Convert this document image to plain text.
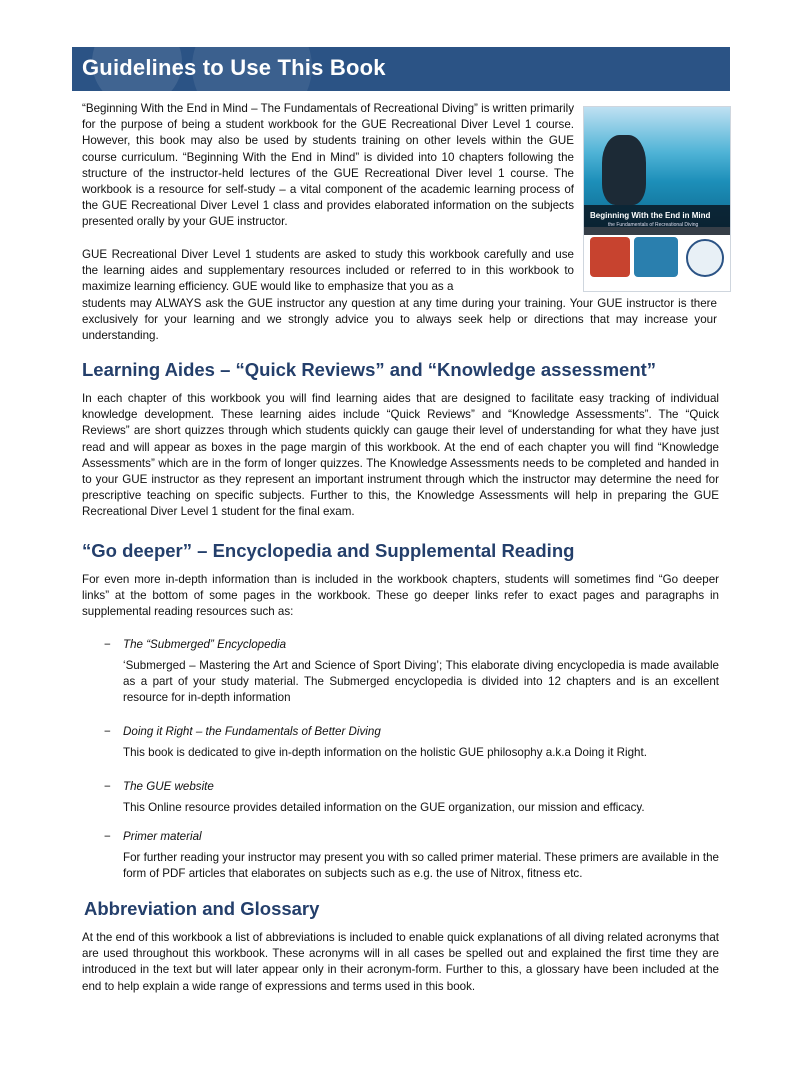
Guidelines to Use This Book
Beginning With the End in Mind
the Fundamentals of Recreational Diving

“Beginning With the End in Mind – The Fundamentals of Recreational Diving” is written primarily for the purpose of being a student workbook for the GUE Recreational Diver Level 1 course. However, this book may also be used by students training on other levels within the GUE course curriculum. “Beginning With the End in Mind” is divided into 10 chapters following the structure of the instructor-held lectures of the GUE Recreational Diver level 1 course. The workbook is a resource for self-study – a vital component of the academic learning process of the GUE Recreational Diver Level 1 class and provides elaborated information on the subjects presented orally by your GUE instructor.

GUE Recreational Diver Level 1 students are asked to study this workbook carefully and use the learning aides and supplementary resources included or referred to in this workbook to maximize learning efficiency. GUE would like to emphasize that you as a

students may ALWAYS ask the GUE instructor any question at any time during your training. Your GUE instructor is there exclusively for your learning and we strongly advice you to always seek help or directions that may increase your understanding.

Learning Aides – “Quick Reviews” and “Knowledge assessment”

In each chapter of this workbook you will find learning aides that are designed to facilitate easy tracking of individual knowledge development. These learning aides include “Quick Reviews” and “Knowledge Assessments”. The “Quick Reviews” are short quizzes through which students quickly can gauge their level of understanding for what they have just read and will appear as boxes in the page margin of this workbook. At the end of each chapter you will find “Knowledge Assessments” which are in the form of longer quizzes. The Knowledge Assessments needs to be completed and handed in to your GUE instructor as they represent an important instrument through which the instructor may determine the need for prescriptive teaching on specific subjects. Further to this, the Knowledge Assessments will help in preparing the GUE Recreational Diver Level 1 student for the final exam.

“Go deeper” – Encyclopedia and Supplemental Reading

For even more in-depth information than is included in the workbook chapters, students will sometimes find “Go deeper links” at the bottom of some pages in the workbook. These go deeper links refer to exact pages and paragraphs in supplemental reading resources such as:

− The “Submerged” Encyclopedia

‘Submerged – Mastering the Art and Science of Sport Diving’; This elaborate diving encyclopedia is made available as a part of your study material. The Submerged encyclopedia is divided into 12 chapters and is an excellent resource for in-depth information

− Doing it Right – the Fundamentals of Better Diving

This book is dedicated to give in-depth information on the holistic GUE philosophy a.k.a Doing it Right.

− The GUE website

This Online resource provides detailed information on the GUE organization, our mission and efficacy.

− Primer material

For further reading your instructor may present you with so called primer material. These primers are available in the form of PDF articles that elaborates on subjects such as e.g. the use of Nitrox, fitness etc.

Abbreviation and Glossary

At the end of this workbook a list of abbreviations is included to enable quick explanations of all diving related acronyms that are used throughout this workbook. These acronyms will in all cases be spelled out and explained the first time they are introduced in the text but will later appear only in their acronym-form. Further to this, a glossary have been included at the end to help explain a wide range of expressions and terms used in this book.
